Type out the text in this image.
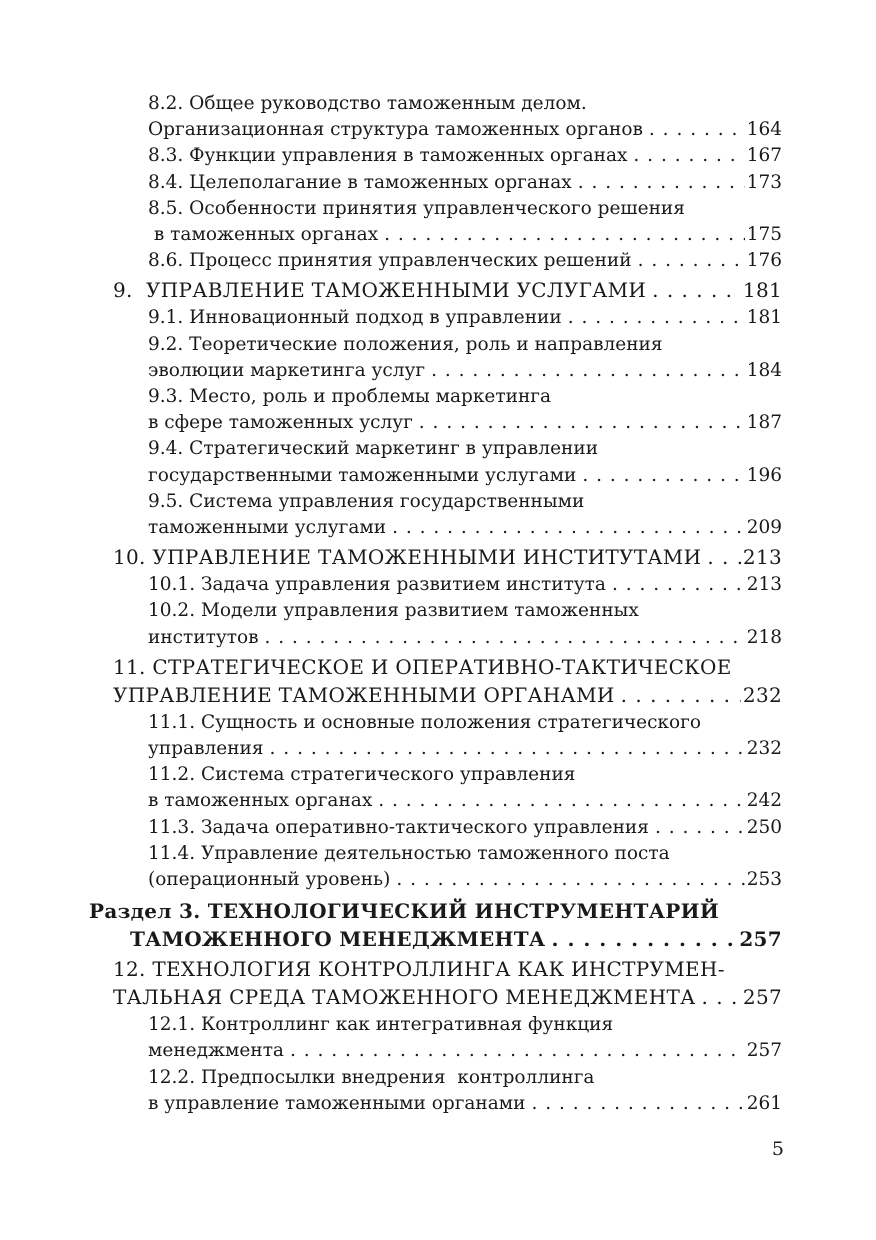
8.2. Общее руководство таможенным делом.
Организационная структура таможенных органов . . .	164
8.3. Функции управления в таможенных органах . . .	167
8.4. Целеполагание в таможенных органах . . .	173
8.5. Особенности принятия управленческого решения
в таможенных органах . . .	175
8.6. Процесс принятия управленческих решений . . .	176
9.  УПРАВЛЕНИЕ ТАМОЖЕННЫМИ УСЛУГАМИ . . .	181
9.1. Инновационный подход в управлении . . .	181
9.2. Теоретические положения, роль и направления
эволюции маркетинга услуг . . .	184
9.3. Место, роль и проблемы маркетинга
в сфере таможенных услуг . . .	187
9.4. Стратегический маркетинг в управлении
государственными таможенными услугами . . .	196
9.5. Система управления государственными
таможенными услугами . . .	209
10. УПРАВЛЕНИЕ ТАМОЖЕННЫМИ ИНСТИТУТАМИ . . . 213
10.1. Задача управления развитием института . . .	213
10.2. Модели управления развитием таможенных
институтов . . .	218
11. СТРАТЕГИЧЕСКОЕ И ОПЕРАТИВНО-ТАКТИЧЕСКОЕ
УПРАВЛЕНИЕ ТАМОЖЕННЫМИ ОРГАНАМИ . . .	232
11.1. Сущность и основные положения стратегического
управления . . .	232
11.2. Система стратегического управления
в таможенных органах . . .	242
11.3. Задача оперативно-тактического управления . . .	250
11.4. Управление деятельностью таможенного поста
(операционный уровень) . . .	253
Раздел 3. ТЕХНОЛОГИЧЕСКИЙ ИНСТРУМЕНТАРИЙ
ТАМОЖЕННОГО МЕНЕДЖМЕНТА . . .	257
12. ТЕХНОЛОГИЯ КОНТРОЛЛИНГА КАК ИНСТРУМЕН-
ТАЛЬНАЯ СРЕДА ТАМОЖЕННОГО МЕНЕДЖМЕНТА . . . 257
12.1. Контроллинг как интегративная функция
менеджмента . . .	257
12.2. Предпосылки внедрения  контроллинга
в управление таможенными органами . . .	261
5
